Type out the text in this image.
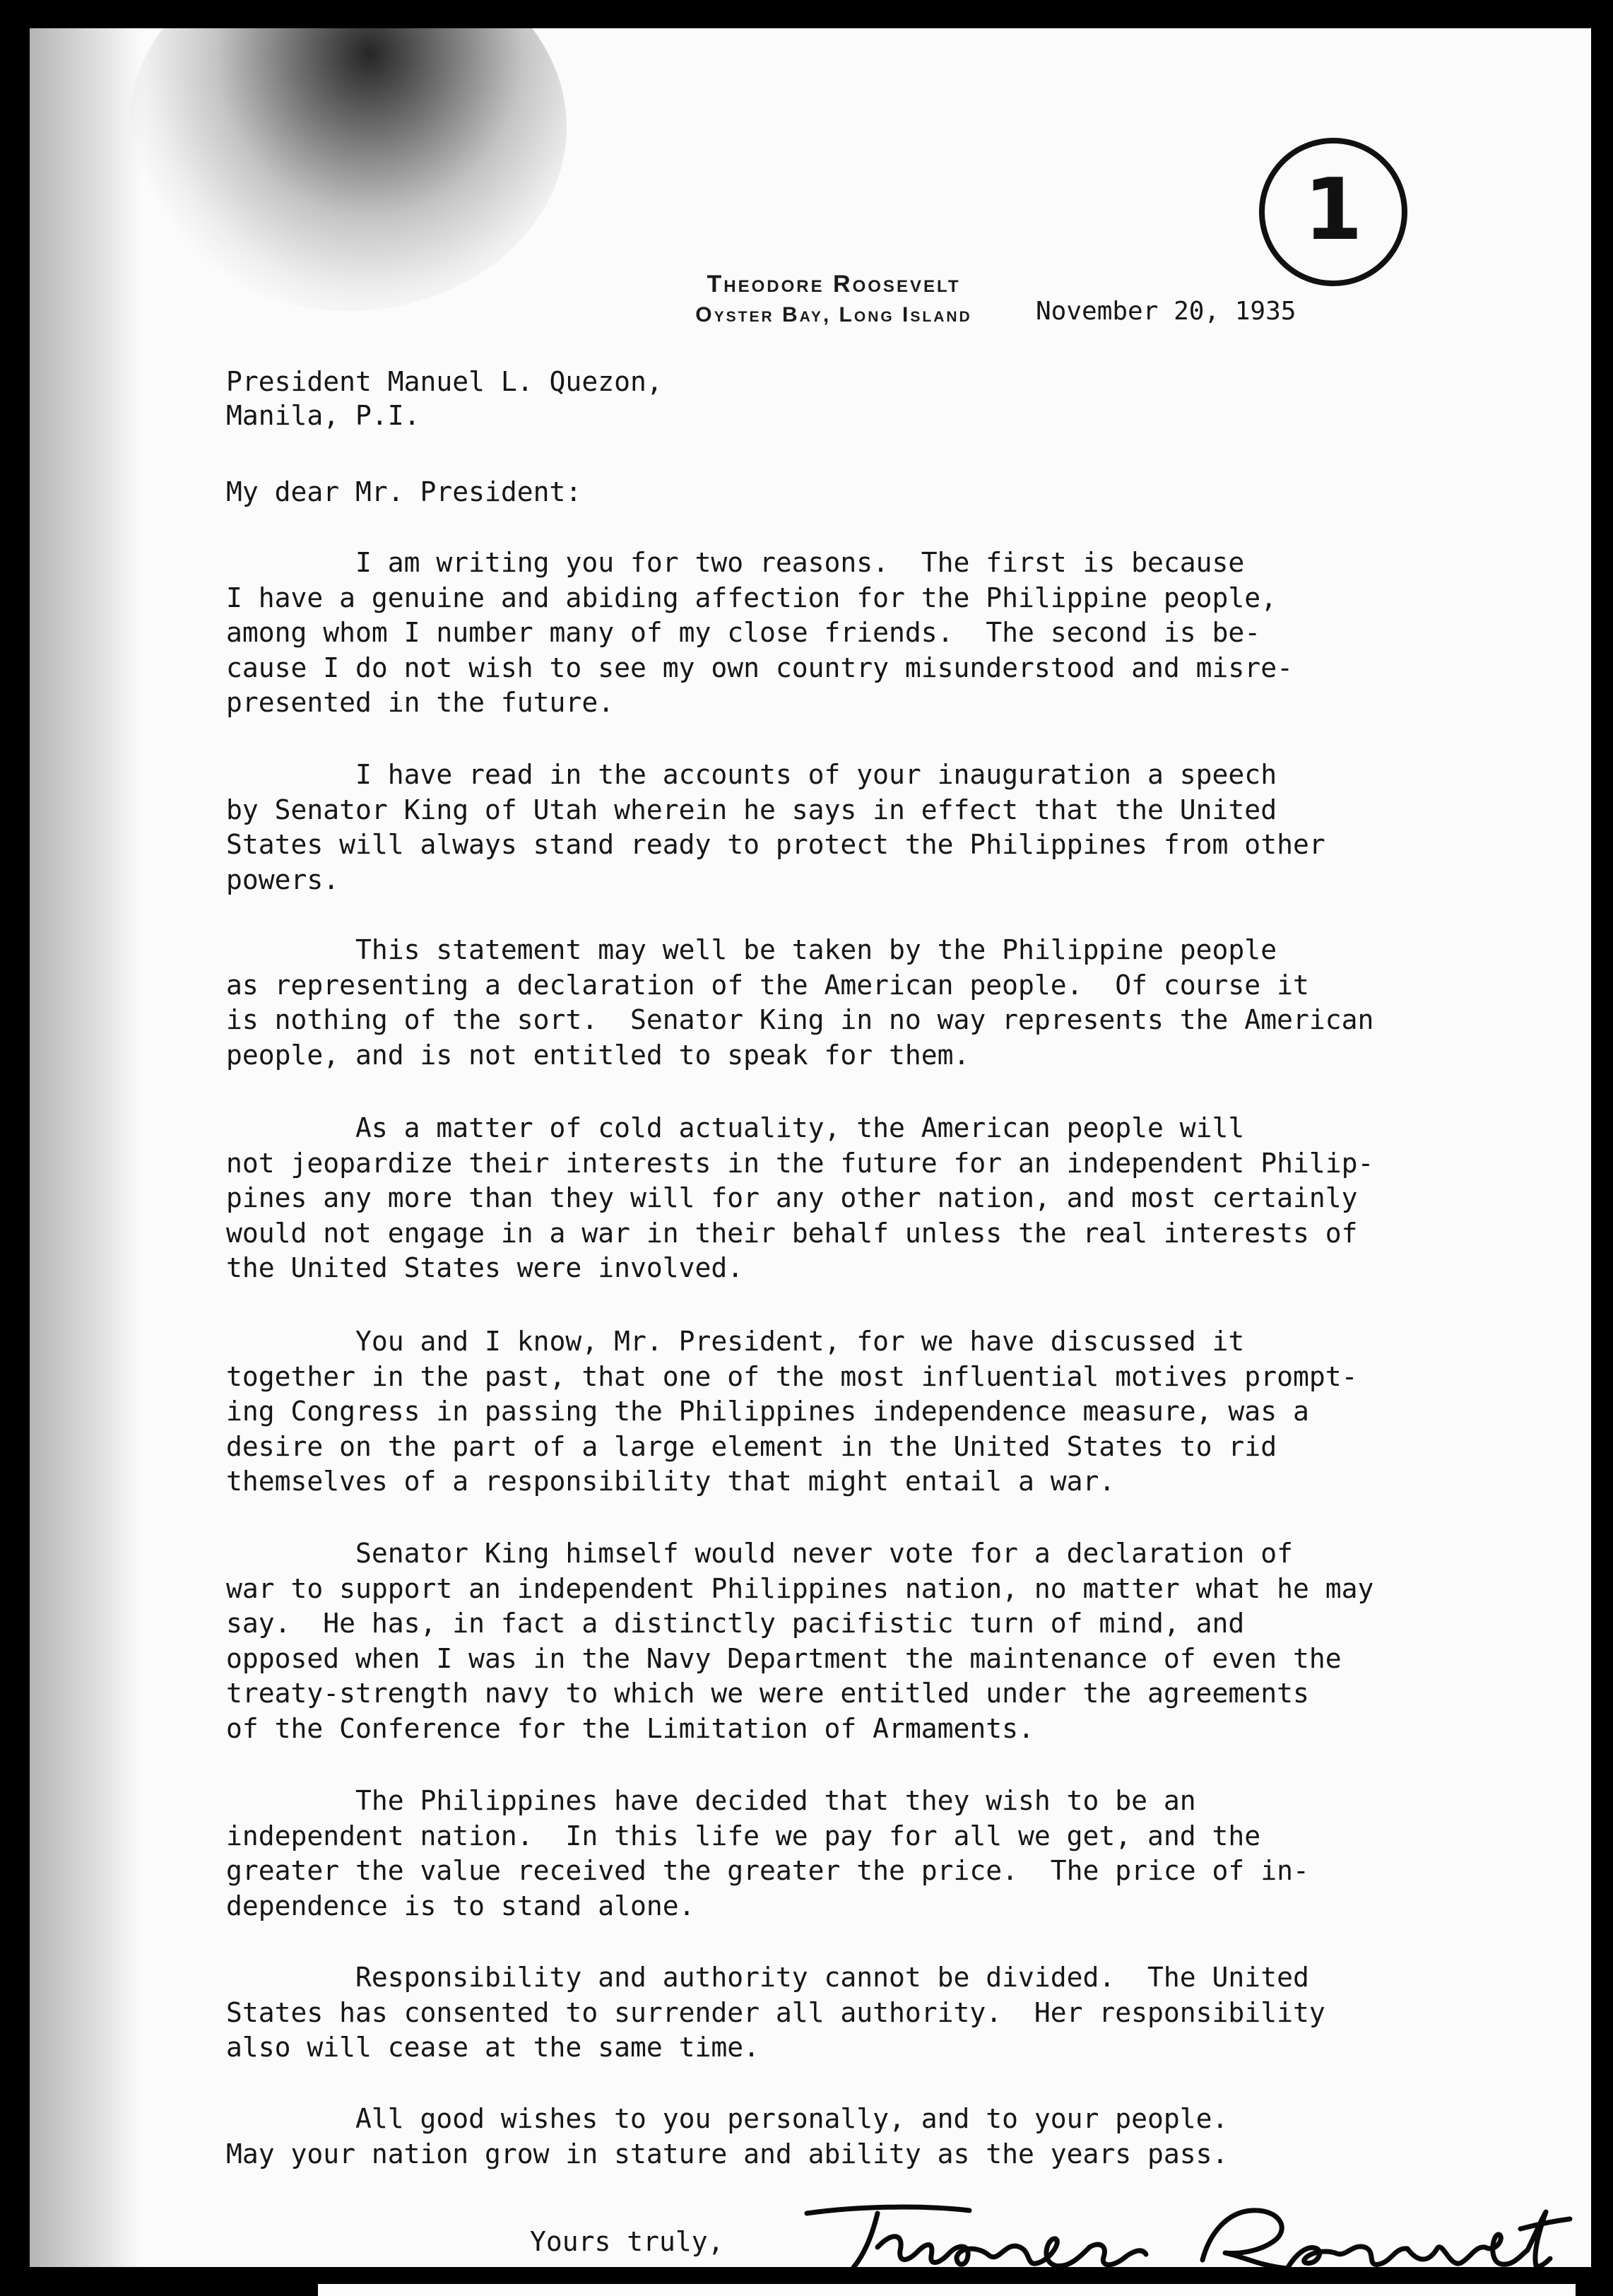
Theodore Roosevelt
Oyster Bay, Long Island	November 20, 1935
1
President Manuel L. Quezon,
Manila, P.I.
My dear Mr. President:
I am writing you for two reasons.  The first is because
I have a genuine and abiding affection for the Philippine people,
among whom I number many of my close friends.  The second is be-
cause I do not wish to see my own country misunderstood and misre-
presented in the future.
I have read in the accounts of your inauguration a speech
by Senator King of Utah wherein he says in effect that the United
States will always stand ready to protect the Philippines from other
powers.
This statement may well be taken by the Philippine people
as representing a declaration of the American people.  Of course it
is nothing of the sort.  Senator King in no way represents the American
people, and is not entitled to speak for them.
As a matter of cold actuality, the American people will
not jeopardize their interests in the future for an independent Philip-
pines any more than they will for any other nation, and most certainly
would not engage in a war in their behalf unless the real interests of
the United States were involved.
You and I know, Mr. President, for we have discussed it
together in the past, that one of the most influential motives prompt-
ing Congress in passing the Philippines independence measure, was a
desire on the part of a large element in the United States to rid
themselves of a responsibility that might entail a war.
Senator King himself would never vote for a declaration of
war to support an independent Philippines nation, no matter what he may
say.  He has, in fact a distinctly pacifistic turn of mind, and
opposed when I was in the Navy Department the maintenance of even the
treaty-strength navy to which we were entitled under the agreements
of the Conference for the Limitation of Armaments.
The Philippines have decided that they wish to be an
independent nation.  In this life we pay for all we get, and the
greater the value received the greater the price.  The price of in-
dependence is to stand alone.
Responsibility and authority cannot be divided.  The United
States has consented to surrender all authority.  Her responsibility
also will cease at the same time.
All good wishes to you personally, and to your people.
May your nation grow in stature and ability as the years pass.
Yours truly,
